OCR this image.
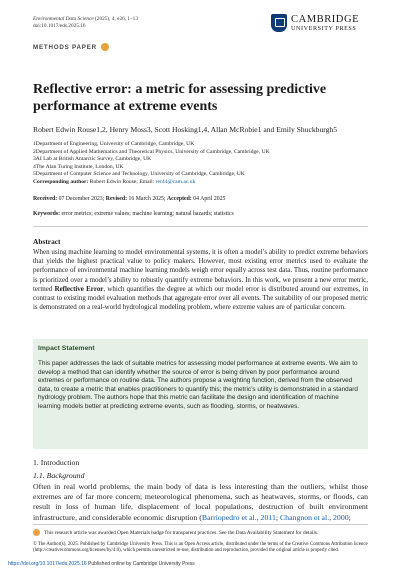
Environmental Data Science (2025), 4, e26, 1–13
doi:10.1017/eds.2025.16
CAMBRIDGE
UNIVERSITY PRESS
METHODS PAPER
Reflective error: a metric for assessing predictive performance at extreme events
Robert Edwin Rouse1,2, Henry Moss3, Scott Hosking1,4, Allan McRobie1 and Emily Shuckburgh5
1Department of Engineering, University of Cambridge, Cambridge, UK
2Department of Applied Mathematics and Theoretical Physics, University of Cambridge, Cambridge, UK
3AI Lab at British Antarctic Survey, Cambridge, UK
4The Alan Turing Institute, London, UK
5Department of Computer Science and Technology, University of Cambridge, Cambridge, UK
Corresponding author: Robert Edwin Rouse; Email: rer44@cam.ac.uk
Received: 07 December 2023; Revised: 16 March 2025; Accepted: 04 April 2025
Keywords: error metrics; extreme values; machine learning; natural hazards; statistics
Abstract
When using machine learning to model environmental systems, it is often a model’s ability to predict extreme behaviors that yields the highest practical value to policy makers. However, most existing error metrics used to evaluate the performance of environmental machine learning models weigh error equally across test data. Thus, routine performance is prioritized over a model’s ability to robustly quantify extreme behaviors. In this work, we present a new error metric, termed Reflective Error, which quantifies the degree at which our model error is distributed around our extremes, in contrast to existing model evaluation methods that aggregate error over all events. The suitability of our proposed metric is demonstrated on a real-world hydrological modeling problem, where extreme values are of particular concern.
Impact Statement
This paper addresses the lack of suitable metrics for assessing model performance at extreme events. We aim to develop a method that can identify whether the source of error is being driven by poor performance around extremes or performance on routine data. The authors propose a weighting function, derived from the observed data, to create a metric that enables practitioners to quantify this; the metric’s utility is demonstrated in a standard hydrology problem. The authors hope that this metric can facilitate the design and identification of machine learning models better at predicting extreme events, such as flooding, storms, or heatwaves.
1. Introduction
1.1. Background
Often in real world problems, the main body of data is less interesting than the outliers, whilst those extremes are of far more concern; meteorological phenomena, such as heatwaves, storms, or floods, can result in loss of human life, displacement of local populations, destruction of built environment infrastructure, and considerable economic disruption (Barriopedro et al., 2011; Changnon et al., 2000;
This research article was awarded Open Materials badge for transparent practices. See the Data Availability Statement for details.
© The Author(s), 2025. Published by Cambridge University Press. This is an Open Access article, distributed under the terms of the Creative Commons Attribution licence (http://creativecommons.org/licenses/by/4.0), which permits unrestricted re-use, distribution and reproduction, provided the original article is properly cited.
https://doi.org/10.1017/eds.2025.16 Published online by Cambridge University Press
